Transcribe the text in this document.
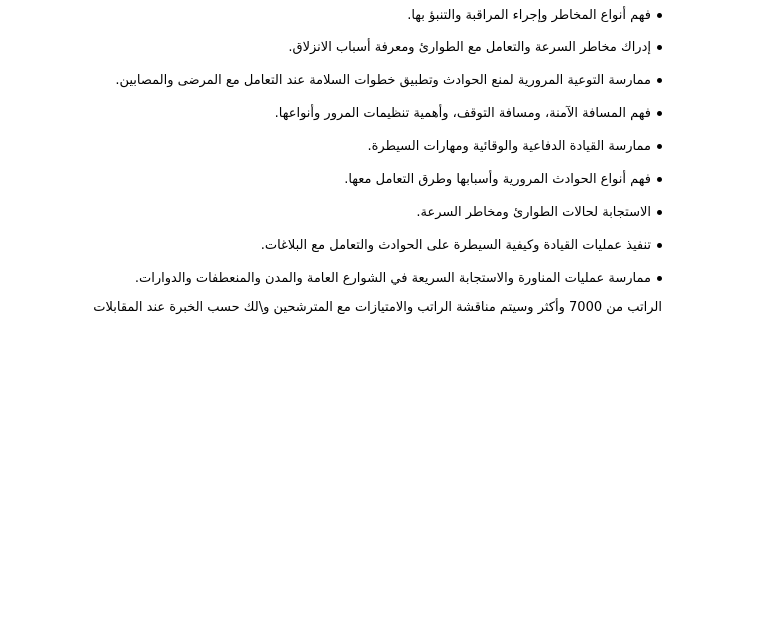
فهم أنواع المخاطر وإجراء المراقبة والتنبؤ بها.
إدراك مخاطر السرعة والتعامل مع الطوارئ ومعرفة أسباب الانزلاق.
ممارسة التوعية المرورية لمنع الحوادث وتطبيق خطوات السلامة عند التعامل مع المرضى والمصابين.
فهم المسافة الآمنة، ومسافة التوقف، وأهمية تنظيمات المرور وأنواعها.
ممارسة القيادة الدفاعية والوقائية ومهارات السيطرة.
فهم أنواع الحوادث المرورية وأسبابها وطرق التعامل معها.
الاستجابة لحالات الطوارئ ومخاطر السرعة.
تنفيذ عمليات القيادة وكيفية السيطرة على الحوادث والتعامل مع البلاغات.
ممارسة عمليات المناورة والاستجابة السريعة في الشوارع العامة والمدن والمنعطفات والدوارات.

الراتب من 7000 وأكثر وسيتم مناقشة الراتب والامتيازات مع المترشحين و\لك حسب الخبرة عند المقابلات
